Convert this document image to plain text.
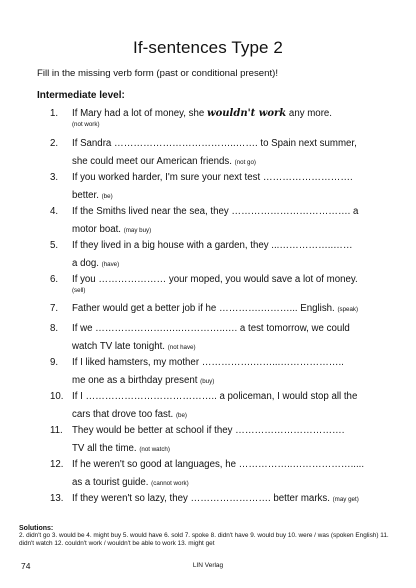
If-sentences Type 2
Fill in the missing verb form (past or conditional present)!
Intermediate level:
1.	If Mary had a lot of money, she wouldn't work any more.
(not work)
2.	If Sandra ………………………………..……. to Spain next summer,
she could meet our American friends. (not go)
3.	If you worked harder, I'm sure your next test ……………………….
better. (be)
4.	If the Smiths lived near the sea, they ………………………………. a
motor boat. (may buy)
5.	If they lived in a big house with a garden, they ...……………..……
a dog. (have)
6.	If you ………………… your moped, you would save a lot of money.
(sell)
7.	Father would get a better job if he ………….………... English. (speak)
8.	If we ………………….…..…………..…. a test tomorrow, we could
watch TV late tonight. (not have)
9.	If I liked hamsters, my mother …………….……...………………..
me one as a birthday present (buy)
10. If I ………………………………….. a policeman, I would stop all the
cars that drove too fast. (be)
11. They would be better at school if they …………………………….
TV all the time. (not watch)
12. If he weren't so good at languages, he ……………..……………….....
as a tourist guide. (cannot work)
13. If they weren't so lazy, they ……………………. better marks. (may get)
Solutions:
2. didn't go 3. would be 4. might buy 5. would have 6. sold 7. spoke 8. didn't have 9. would buy 10. were / was (spoken English) 11. didn't watch 12. couldn't work / wouldn't be able to work 13. might get
74	LIN Verlag
